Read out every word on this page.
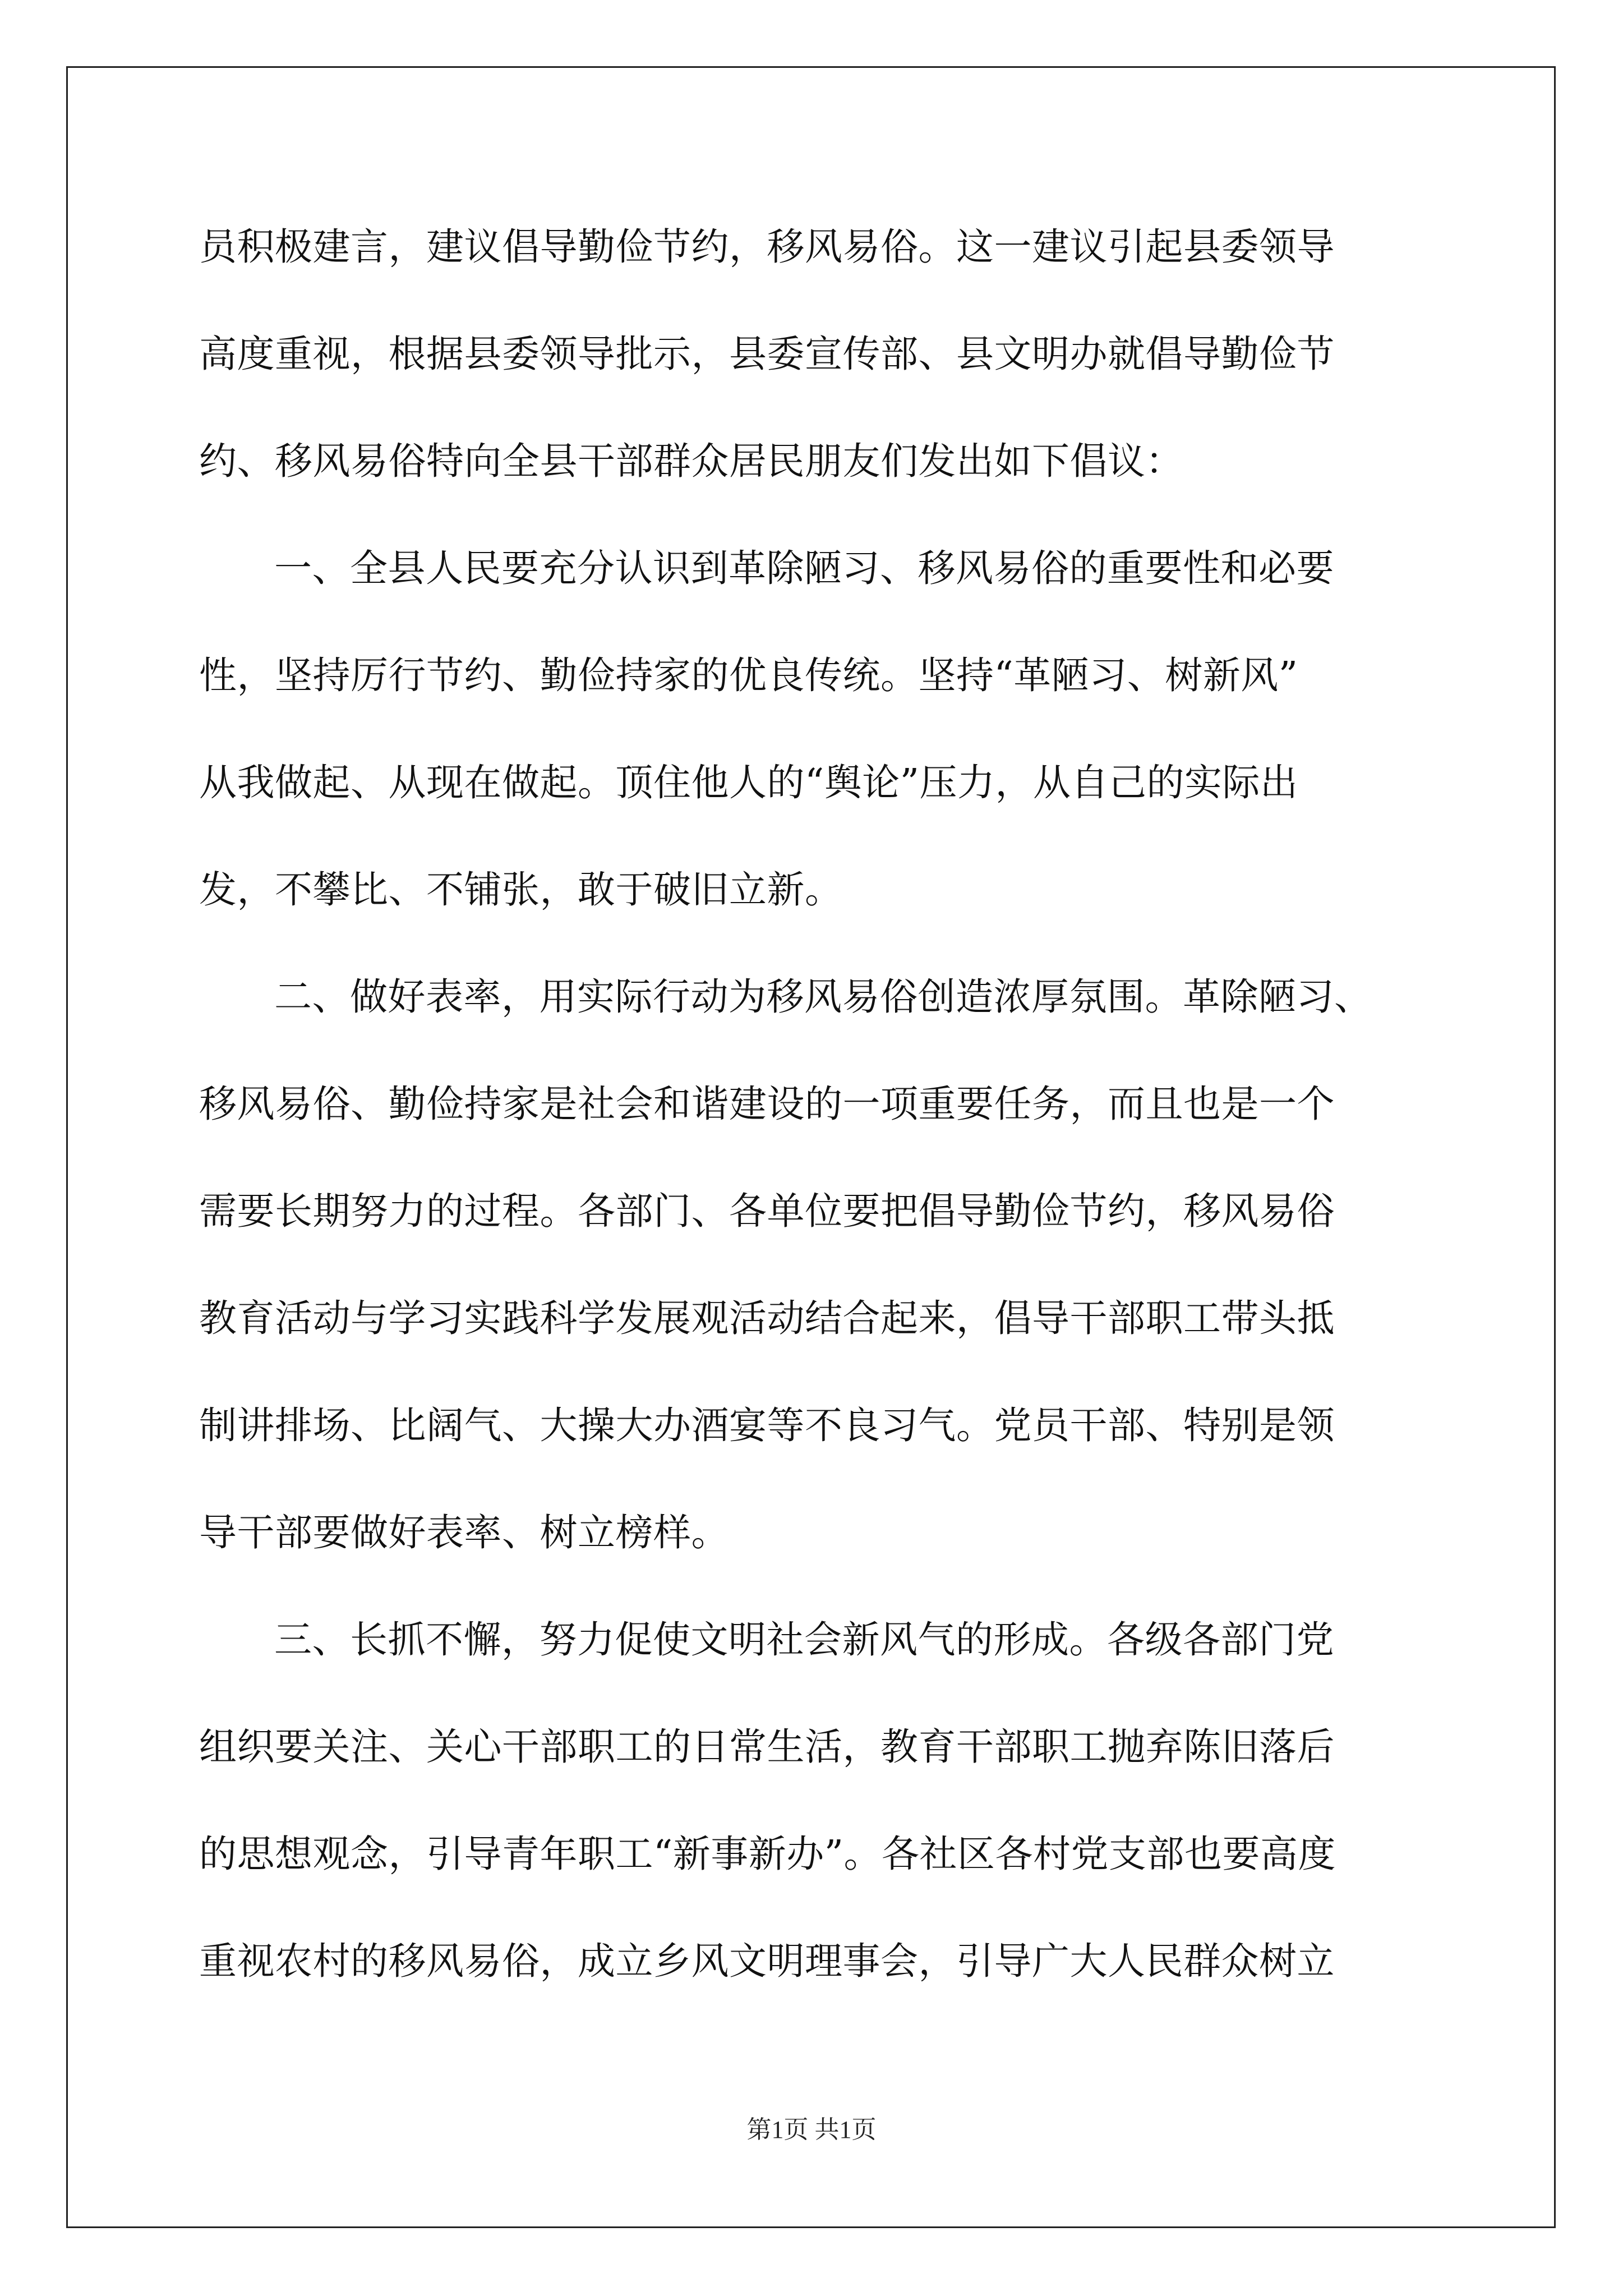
员积极建言，建议倡导勤俭节约，移风易俗。这一建议引起县委领导
高度重视，根据县委领导批示，县委宣传部、县文明办就倡导勤俭节
约、移风易俗特向全县干部群众居民朋友们发出如下倡议：
一、全县人民要充分认识到革除陋习、移风易俗的重要性和必要
性，坚持厉行节约、勤俭持家的优良传统。坚持“革陋习、树新风”
从我做起、从现在做起。顶住他人的“舆论”压力，从自己的实际出
发，不攀比、不铺张，敢于破旧立新。
二、做好表率，用实际行动为移风易俗创造浓厚氛围。革除陋习、
移风易俗、勤俭持家是社会和谐建设的一项重要任务，而且也是一个
需要长期努力的过程。各部门、各单位要把倡导勤俭节约，移风易俗
教育活动与学习实践科学发展观活动结合起来，倡导干部职工带头抵
制讲排场、比阔气、大操大办酒宴等不良习气。党员干部、特别是领
导干部要做好表率、树立榜样。
三、长抓不懈，努力促使文明社会新风气的形成。各级各部门党
组织要关注、关心干部职工的日常生活，教育干部职工抛弃陈旧落后
的思想观念，引导青年职工“新事新办”。各社区各村党支部也要高度
重视农村的移风易俗，成立乡风文明理事会，引导广大人民群众树立
第1页 共1页
